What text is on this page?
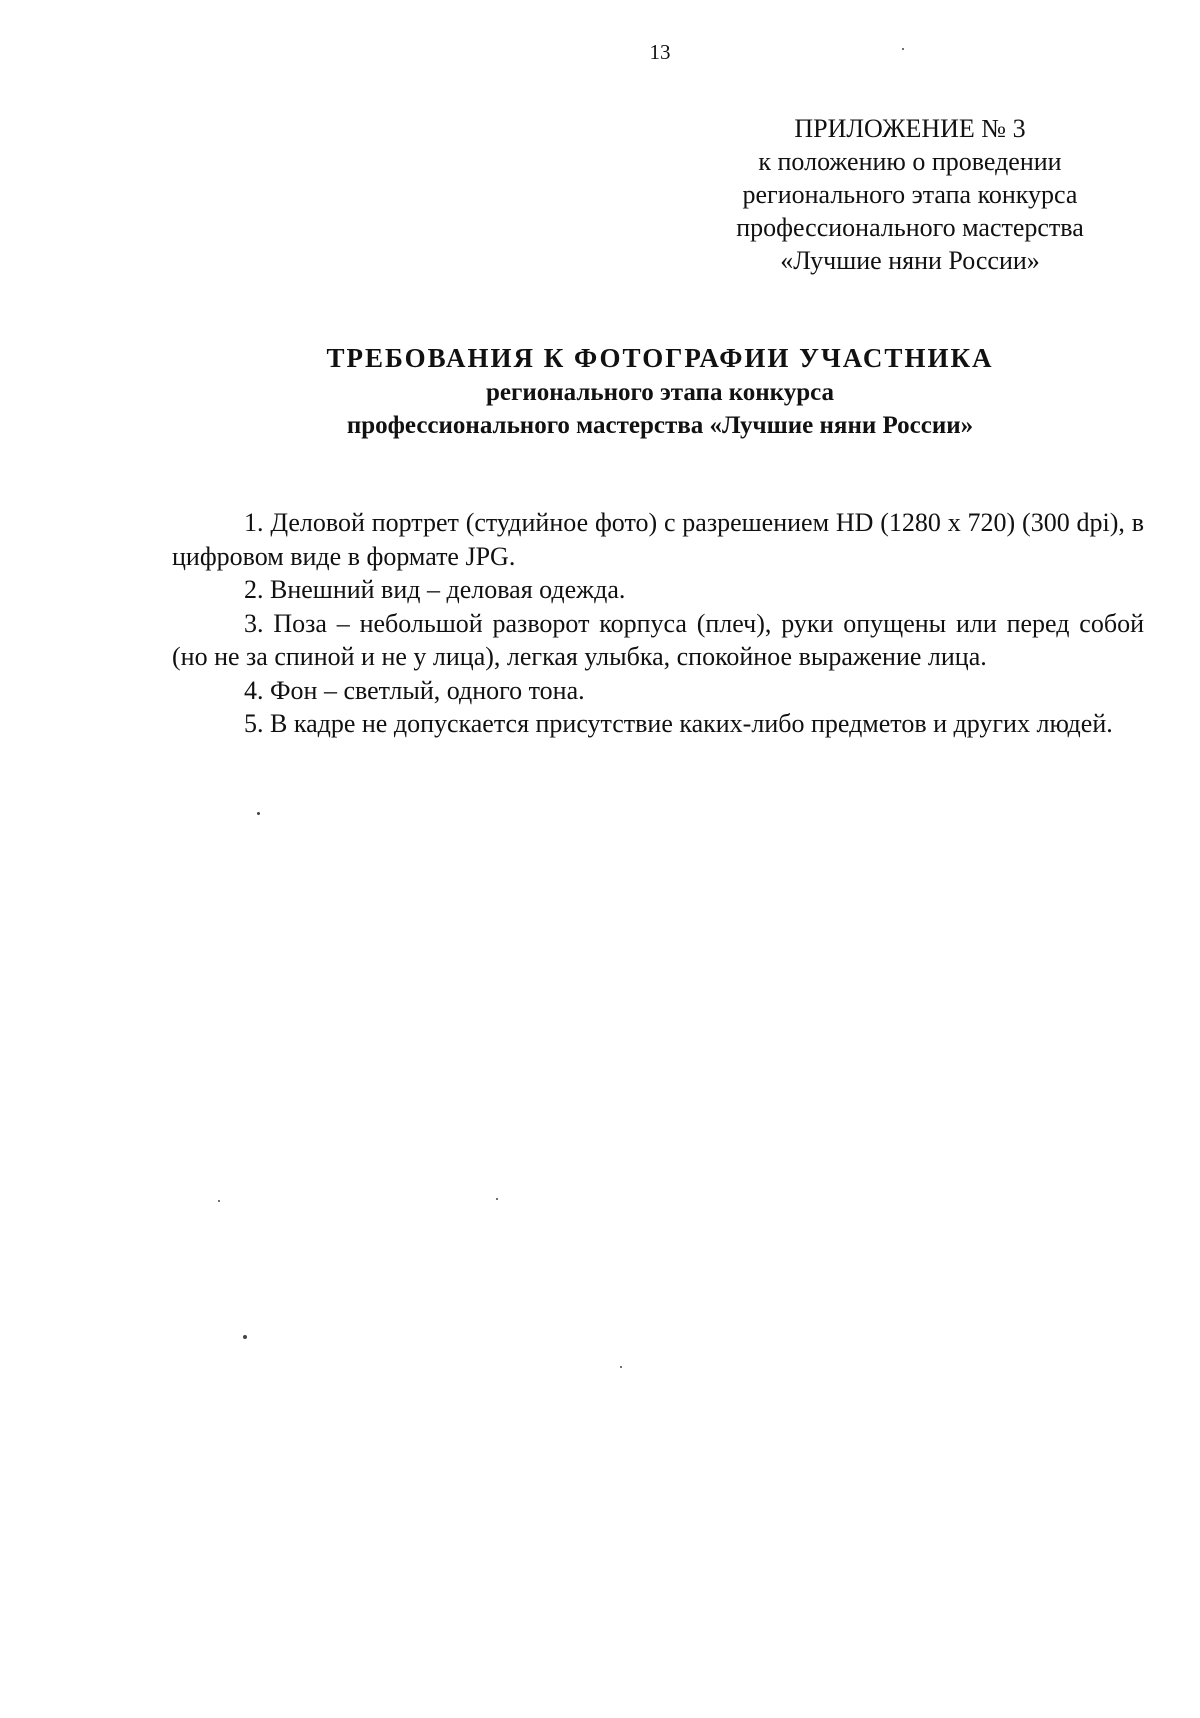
13
ПРИЛОЖЕНИЕ № 3
к положению о проведении
регионального этапа конкурса
профессионального мастерства
«Лучшие няни России»
ТРЕБОВАНИЯ К ФОТОГРАФИИ УЧАСТНИКА
регионального этапа конкурса
профессионального мастерства «Лучшие няни России»

1. Деловой портрет (студийное фото) с разрешением HD (1280 x 720) (300 dpi), в цифровом виде в формате JPG.

2. Внешний вид – деловая одежда.

3. Поза – небольшой разворот корпуса (плеч), руки опущены или перед собой (но не за спиной и не у лица), легкая улыбка, спокойное выражение лица.

4. Фон – светлый, одного тона.

5. В кадре не допускается присутствие каких-либо предметов и других людей.
